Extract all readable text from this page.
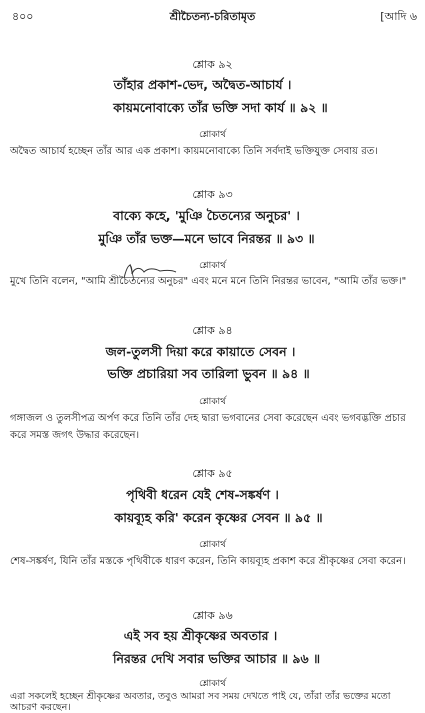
৪০০	শ্রীচৈতন্য-চরিতামৃত	[আদি ৬
শ্লোক ৯২
তাঁহার প্রকাশ-ভেদ, অদ্বৈত-আচার্য ।
কায়মনোবাক্যে তাঁর ভক্তি সদা কার্য ॥ ৯২ ॥
শ্লোকার্থ
অদ্বৈত আচার্য হচ্ছেন তাঁর আর এক প্রকাশ। কায়মনোবাক্যে তিনি সর্বদাই ভক্তিযুক্ত সেবায় রত।
শ্লোক ৯৩
বাক্যে কহে, 'মুঞি চৈতন্যের অনুচর' ।
মুঞি তাঁর ভক্ত—মনে ভাবে নিরন্তর ॥ ৯৩ ॥
শ্লোকার্থ
মুখে তিনি বলেন, "আমি শ্রীচৈতন্যের অনুচর" এবং মনে মনে তিনি নিরন্তর ভাবেন, "আমি তাঁর ভক্ত।"
শ্লোক ৯৪
জল-তুলসী দিয়া করে কায়াতে সেবন ।
ভক্তি প্রচারিয়া সব তারিলা ভুবন ॥ ৯৪ ॥
শ্লোকার্থ
গঙ্গাজল ও তুলসীপত্র অর্পণ করে তিনি তাঁর দেহ দ্বারা ভগবানের সেবা করেছেন এবং ভগবদ্ভক্তি প্রচার করে সমস্ত জগৎ উদ্ধার করেছেন।
শ্লোক ৯৫
পৃথিবী ধরেন যেই শেষ-সঙ্কর্ষণ ।
কায়ব্যূহ করি' করেন কৃষ্ণের সেবন ॥ ৯৫ ॥
শ্লোকার্থ
শেষ-সঙ্কর্ষণ, যিনি তাঁর মস্তকে পৃথিবীকে ধারণ করেন, তিনি কায়ব্যূহ প্রকাশ করে শ্রীকৃষ্ণের সেবা করেন।
শ্লোক ৯৬
এই সব হয় শ্রীকৃষ্ণের অবতার ।
নিরন্তর দেখি সবার ভক্তির আচার ॥ ৯৬ ॥
শ্লোকার্থ
এরা সকলেই হচ্ছেন শ্রীকৃষ্ণের অবতার, তবুও আমরা সব সময় দেখতে পাই যে, তাঁরা তাঁর ভক্তের মতো আচরণ করছেন।
